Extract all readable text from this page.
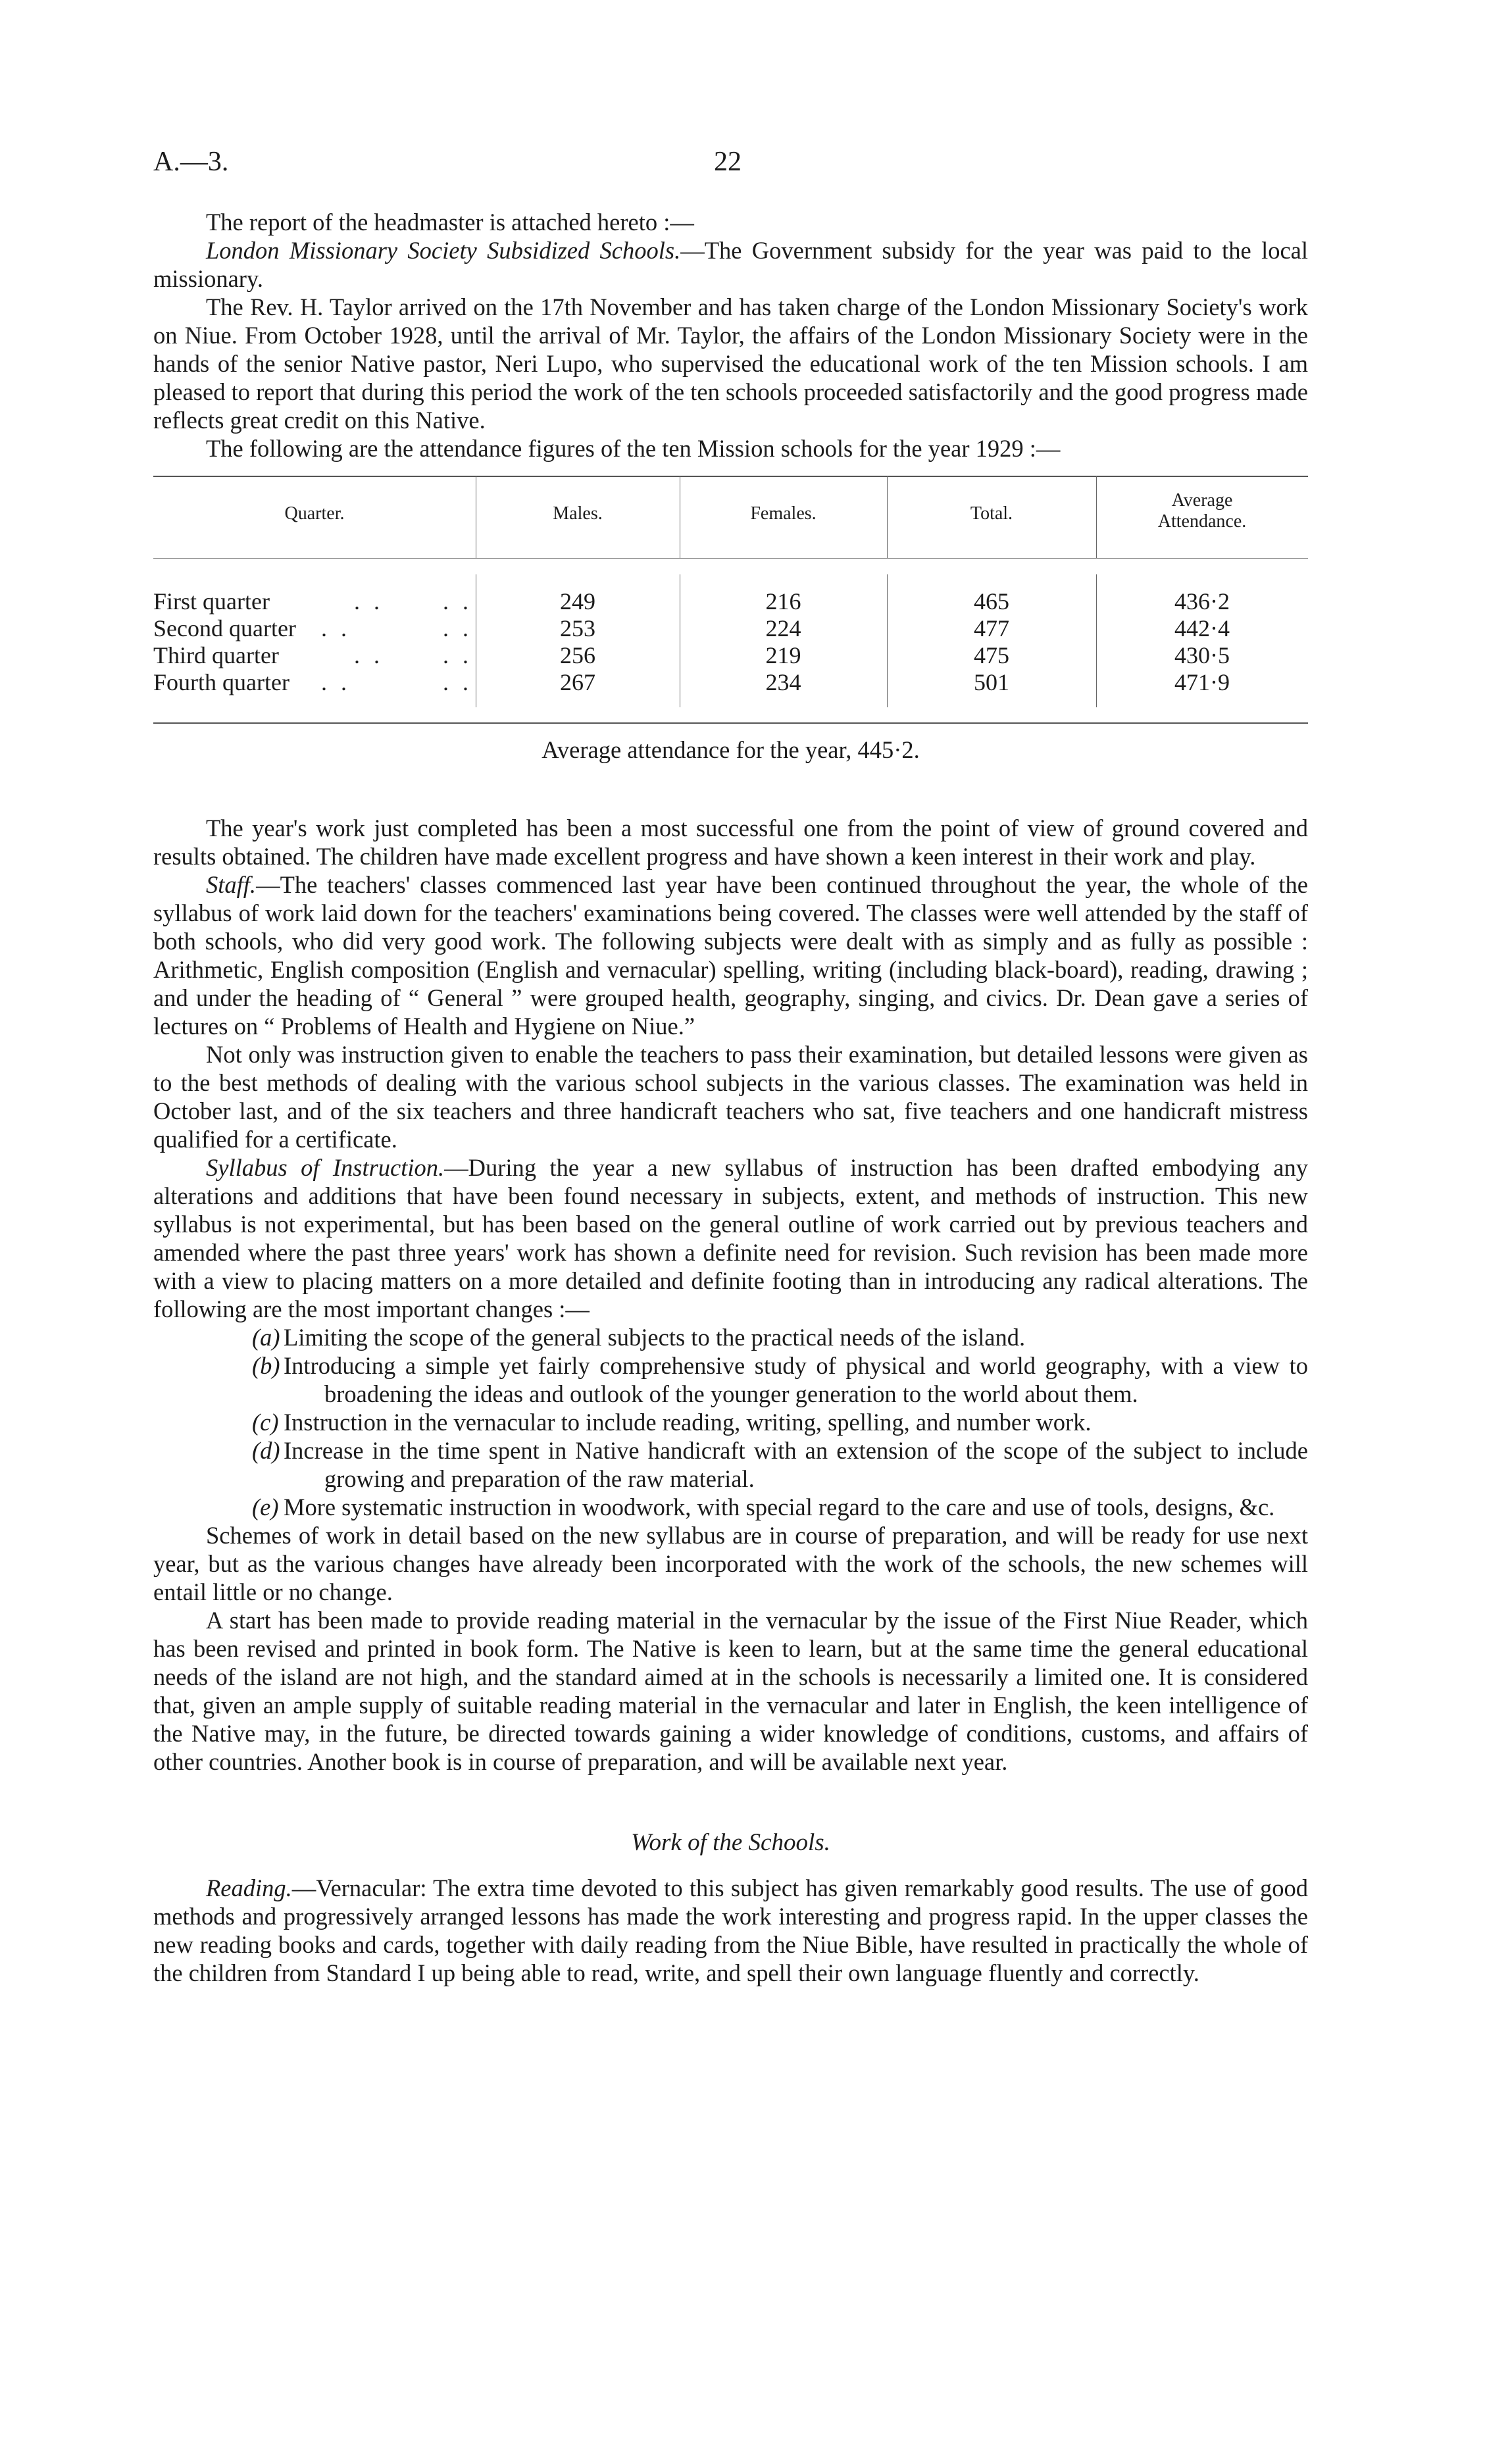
A.—3.	22

The report of the headmaster is attached hereto :—

London Missionary Society Subsidized Schools.—The Government subsidy for the year was paid to the local missionary.

The Rev. H. Taylor arrived on the 17th November and has taken charge of the London Missionary Society's work on Niue. From October 1928, until the arrival of Mr. Taylor, the affairs of the London Missionary Society were in the hands of the senior Native pastor, Neri Lupo, who supervised the educational work of the ten Mission schools. I am pleased to report that during this period the work of the ten schools proceeded satisfactorily and the good progress made reflects great credit on this Native.

The following are the attendance figures of the ten Mission schools for the year 1929 :—

Quarter.	Males.	Females.	Total.
Average
Attendance.
First quarter	. .	. .	249	216	465	436·2
Second quarter . .	. .	253	224	477	442·4
Third quarter	. .	. .	256	219	475	430·5
Fourth quarter . .	. .	267	234	501	471·9

Average attendance for the year, 445·2.

The year's work just completed has been a most successful one from the point of view of ground covered and results obtained. The children have made excellent progress and have shown a keen interest in their work and play.

Staff.—The teachers' classes commenced last year have been continued throughout the year, the whole of the syllabus of work laid down for the teachers' examinations being covered. The classes were well attended by the staff of both schools, who did very good work. The following subjects were dealt with as simply and as fully as possible : Arithmetic, English composition (English and vernacular) spelling, writing (including black-board), reading, drawing ; and under the heading of “ General ” were grouped health, geography, singing, and civics. Dr. Dean gave a series of lectures on “ Problems of Health and Hygiene on Niue.”

Not only was instruction given to enable the teachers to pass their examination, but detailed lessons were given as to the best methods of dealing with the various school subjects in the various classes. The examination was held in October last, and of the six teachers and three handicraft teachers who sat, five teachers and one handicraft mistress qualified for a certificate.

Syllabus of Instruction.—During the year a new syllabus of instruction has been drafted embodying any alterations and additions that have been found necessary in subjects, extent, and methods of instruction. This new syllabus is not experimental, but has been based on the general outline of work carried out by previous teachers and amended where the past three years' work has shown a definite need for revision. Such revision has been made more with a view to placing matters on a more detailed and definite footing than in introducing any radical alterations. The following are the most important changes :—

(a) Limiting the scope of the general subjects to the practical needs of the island.
(b) Introducing a simple yet fairly comprehensive study of physical and world geography, with a view to broadening the ideas and outlook of the younger generation to the world about them.
(c) Instruction in the vernacular to include reading, writing, spelling, and number work.
(d) Increase in the time spent in Native handicraft with an extension of the scope of the subject to include growing and preparation of the raw material.
(e) More systematic instruction in woodwork, with special regard to the care and use of tools, designs, &c.

Schemes of work in detail based on the new syllabus are in course of preparation, and will be ready for use next year, but as the various changes have already been incorporated with the work of the schools, the new schemes will entail little or no change.

A start has been made to provide reading material in the vernacular by the issue of the First Niue Reader, which has been revised and printed in book form. The Native is keen to learn, but at the same time the general educational needs of the island are not high, and the standard aimed at in the schools is necessarily a limited one. It is considered that, given an ample supply of suitable reading material in the vernacular and later in English, the keen intelligence of the Native may, in the future, be directed towards gaining a wider knowledge of conditions, customs, and affairs of other countries. Another book is in course of preparation, and will be available next year.

Work of the Schools.

Reading.—Vernacular: The extra time devoted to this subject has given remarkably good results. The use of good methods and progressively arranged lessons has made the work interesting and progress rapid. In the upper classes the new reading books and cards, together with daily reading from the Niue Bible, have resulted in practically the whole of the children from Standard I up being able to read, write, and spell their own language fluently and correctly.
